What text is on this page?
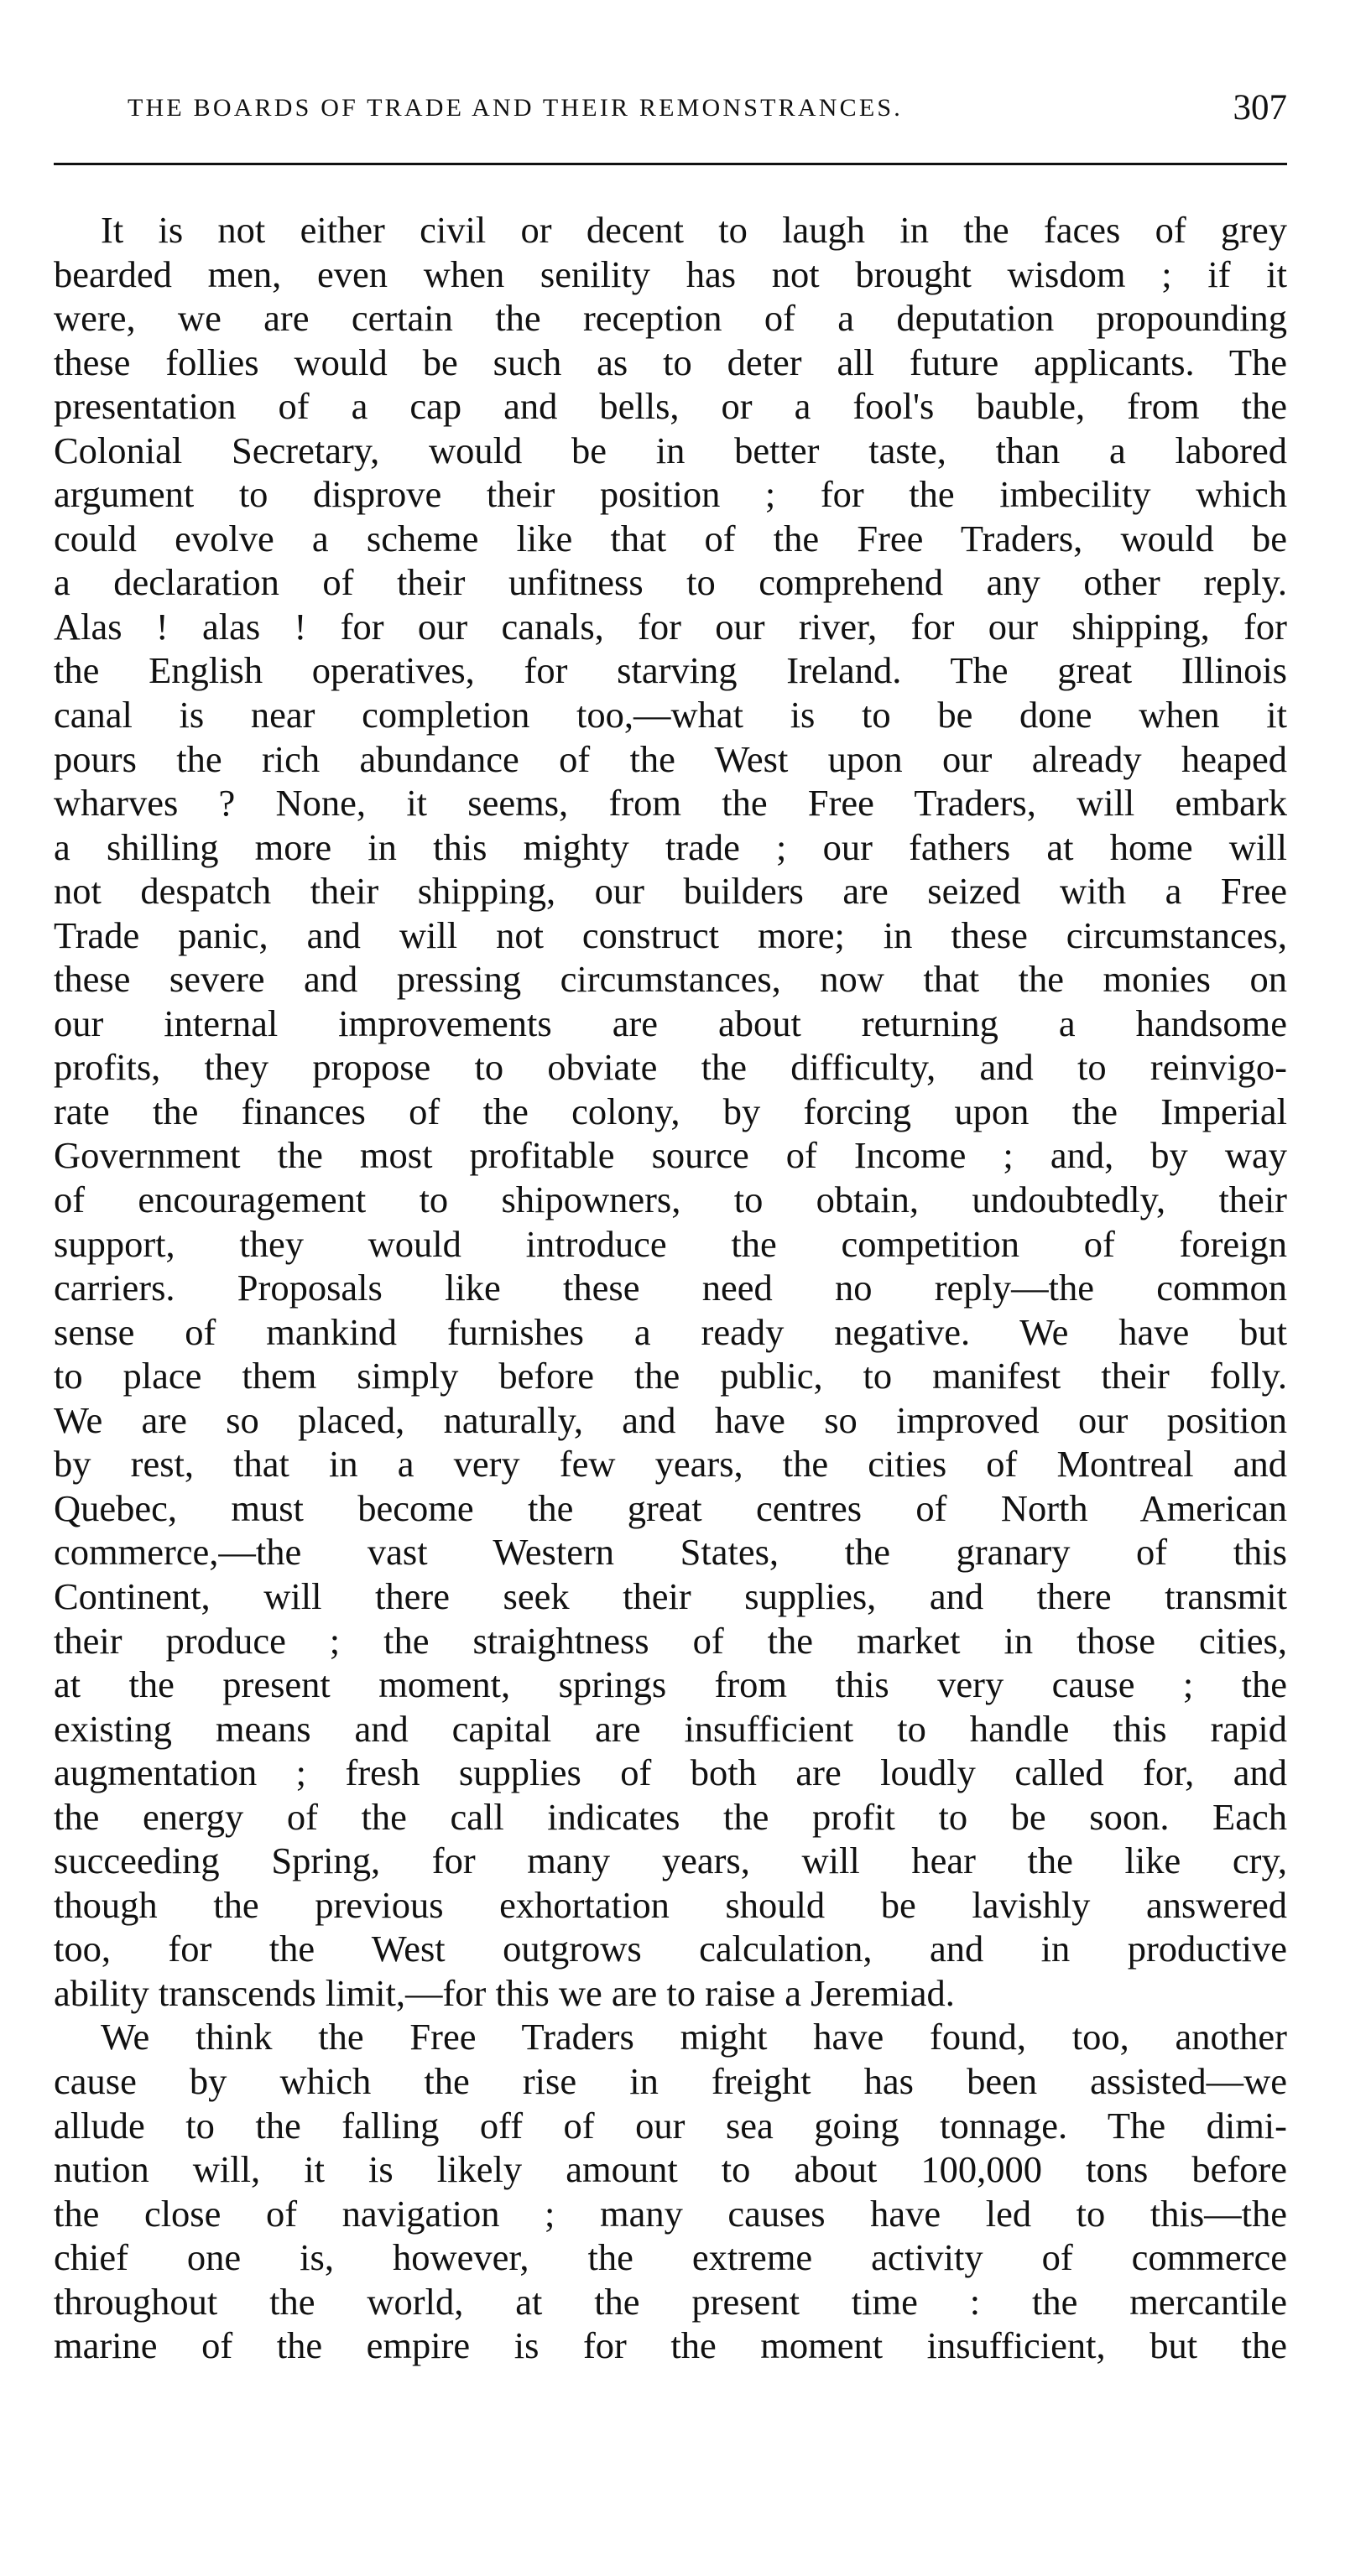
THE BOARDS OF TRADE AND THEIR REMONSTRANCES.	307
It is not either civil or decent to laugh in the faces of grey
bearded men, even when senility has not brought wisdom ; if it
were, we are certain the reception of a deputation propounding
these follies would be such as to deter all future applicants. The
presentation of a cap and bells, or a fool's bauble, from the
Colonial Secretary, would be in better taste, than a labored
argument to disprove their position ; for the imbecility which
could evolve a scheme like that of the Free Traders, would be
a declaration of their unfitness to comprehend any other reply.
Alas ! alas ! for our canals, for our river, for our shipping, for
the English operatives, for starving Ireland. The great Illinois
can⁠al is near completion too,—what is to be done when it
pours the rich abundance of the West upon our already heaped
wharves ? None, it seems, from the Free Traders, will embark
a shilling more in this mighty trade ; our fathers at home will
not despatch their shipping, our builders are seized with a Free
Trade panic, and will not construct more; in these circumstances,
these severe and pressing circumstances, now that the monies on
our internal improvements are about returning a handsome
profits, they propose to obviate the difficulty, and to reinvigo-
rate the finances of the colony, by forcing upon the Imperial
Government the most profitable source of Income ; and, by way
of encouragement to shipowners, to obtain, undoubtedly, their
support, they would introduce the competition of foreign
carriers. Proposals like these need no reply—the common
sense of mankind furnishes a ready negative. We have but
to place them simply before the public, to manifest their folly.
We are so placed, naturally, and have so improved our position
by rest, that in a very few years, the cities of Montreal and
Quebec, must become the great centres of North American
commerce,—the vast Western States, the granary of this
Continent, will there seek their supplies, and there transmit
their produce ; the straightness of the market in those cities,
at the present moment, springs from this very cause ; the
existing means and capital are insufficient to handle this rapid
augmentation ; fresh supplies of both are loudly called for, and
the energy of the call indicates the profit to be soon. Each
succeeding Spring, for many years, will hear the like cry,
though the previous exhortation should be lavishly answered
too, for the West outgrows calculation, and in productive
ability transcends limit,—for this we are to raise a Jeremiad.
We think the Free Traders might have found, too, another
cause by which the rise in freight has been assisted—we
allude to the falling off of our sea going tonnage. The dimi-
nution will, it is likely amount to about 100,000 tons before
the close of navigation ; many causes have led to this—the
chief one is, however, the extreme activity of commerce
throughout the world, at the present time : the mercantile
marine of the empire is for the moment insufficient, but the
